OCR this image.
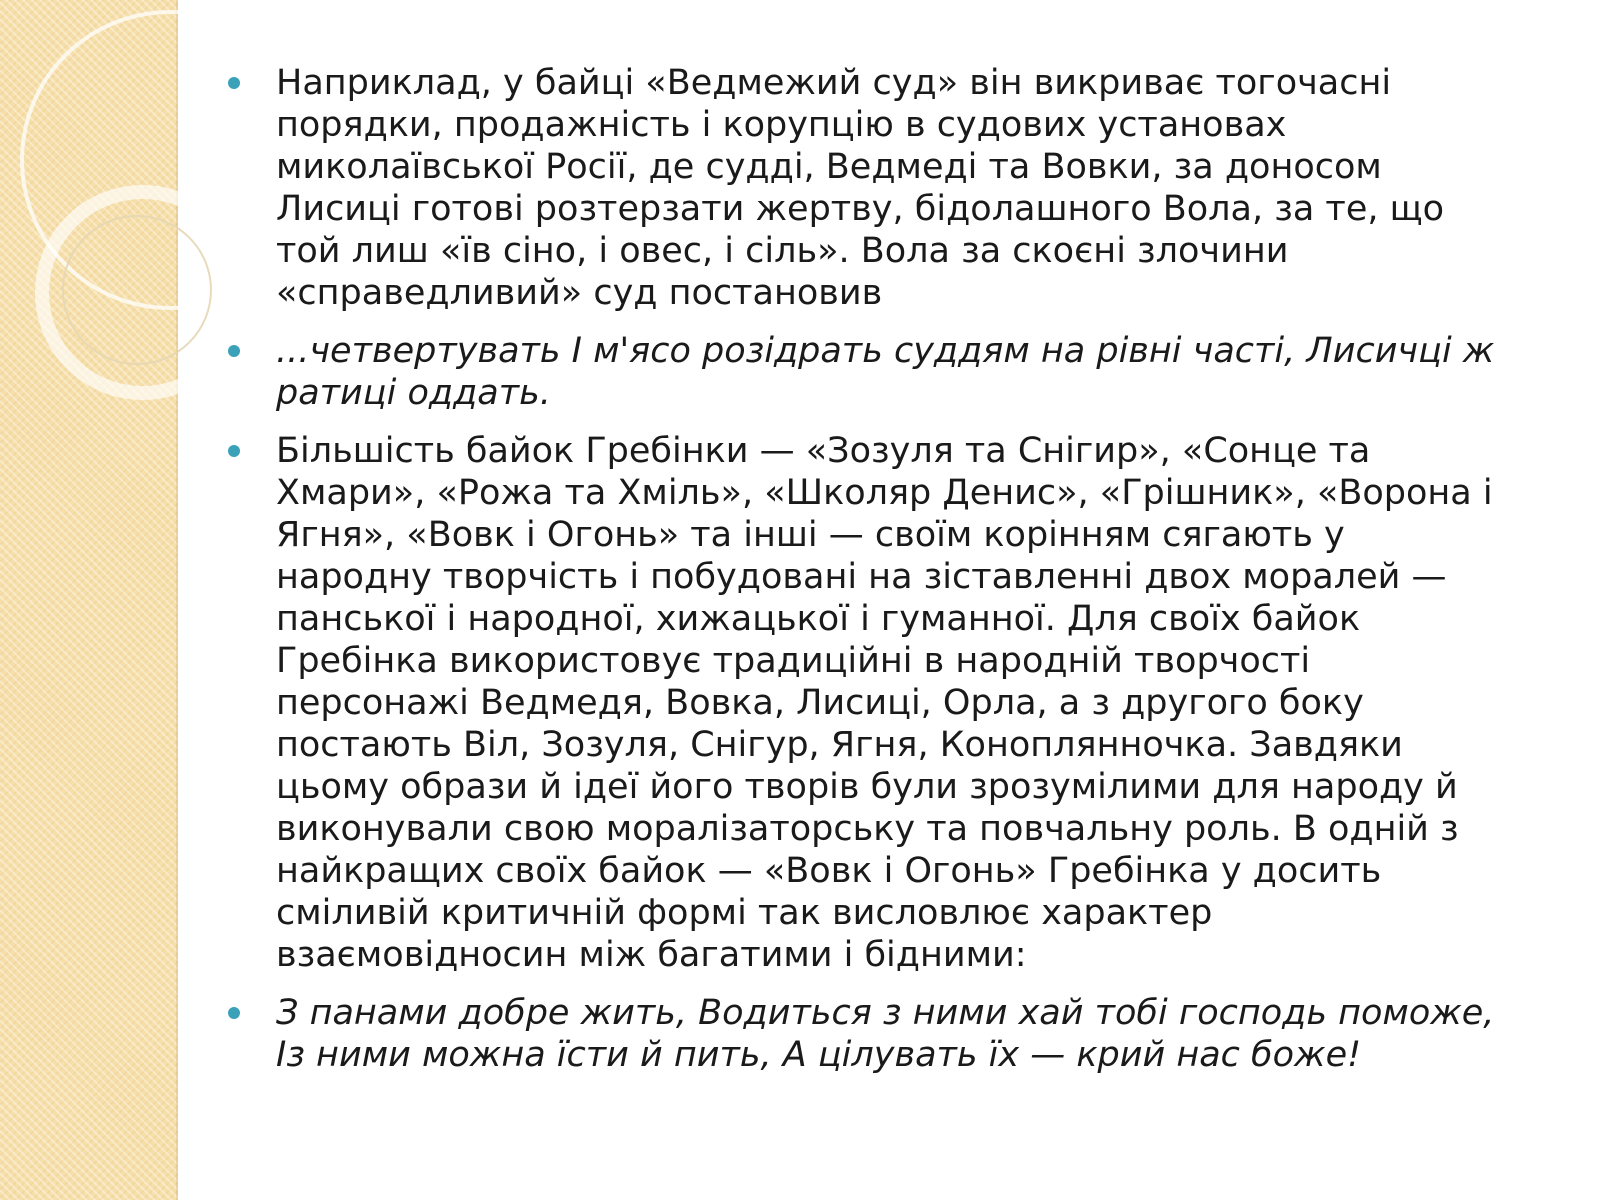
Наприклад, у байці «Ведмежий суд» він викриває тогочасні порядки, продажність і корупцію в судових установах миколаївської Росії, де судді, Ведмеді та Вовки, за доносом Лисиці готові розтерзати жертву, бідолашного Вола, за те, що той лиш «їв сіно, і овес, і сіль». Вола за скоєні злочини «справедливий» суд постановив
...четвертувать І м'ясо розідрать суддям на рівні часті, Лисичці ж ратиці оддать.
Більшість байок Гребінки — «Зозуля та Снігир», «Сонце та Хмари», «Рожа та Хміль», «Школяр Денис», «Грішник», «Ворона і Ягня», «Вовк і Огонь» та інші — своїм корінням сягають у народну творчість і побудовані на зіставленні двох моралей — панської і народної, хижацької і гуманної. Для своїх байок Гребінка використовує традиційні в народній творчості персонажі Ведмедя, Вовка, Лисиці, Орла, а з другого боку постають Віл, Зозуля, Снігур, Ягня, Коноплянночка. Завдяки цьому образи й ідеї його творів були зрозумілими для народу й виконували свою моралізаторську та повчальну роль. В одній з найкращих своїх байок — «Вовк і Огонь» Гребінка у досить сміливій критичній формі так висловлює характер взаємовідносин між багатими і бідними:
З панами добре жить, Водиться з ними хай тобі господь поможе, Із ними можна їсти й пить, А цілувать їх — крий нас боже!
